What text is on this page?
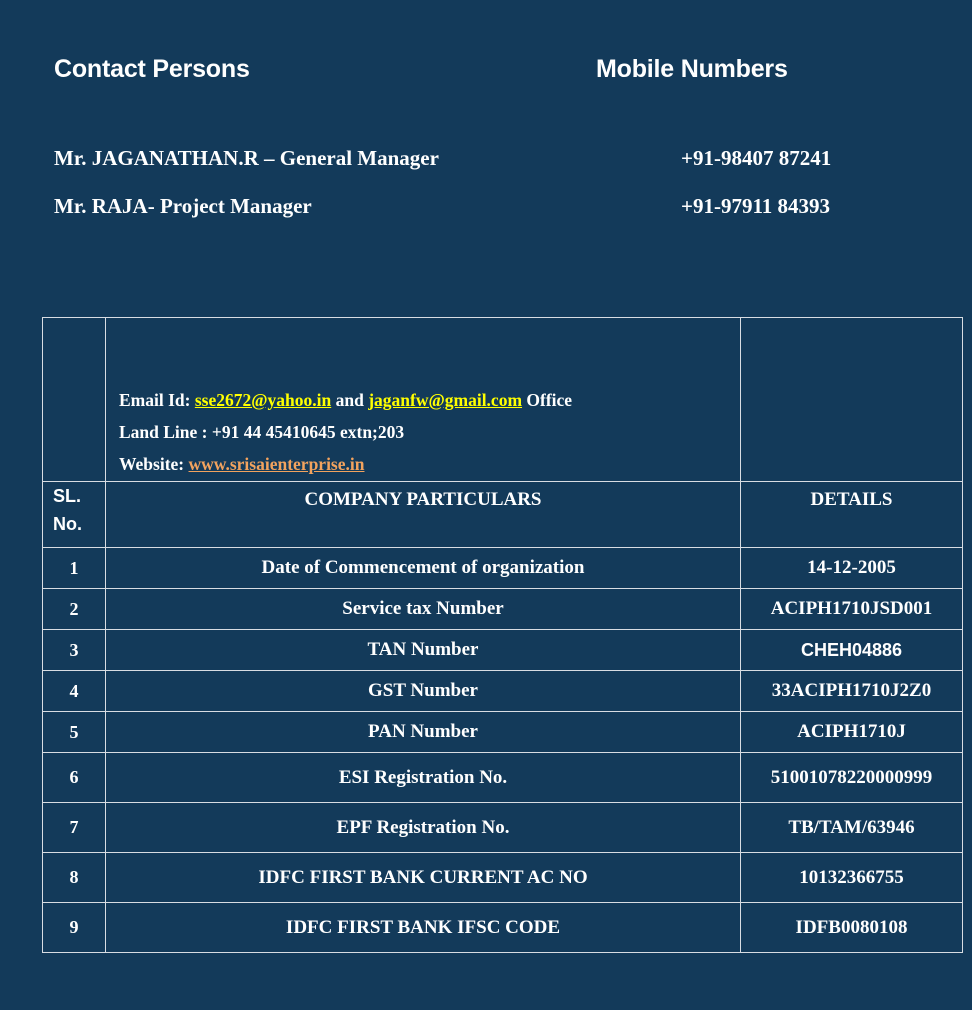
Contact Persons	Mobile Numbers
Mr. JAGANATHAN.R – General Manager	+91-98407 87241
Mr. RAJA- Project Manager	+91-97911 84393

	Email Id: sse2672@yahoo.in and jaganfw@gmail.com Office
Land Line : +91 44 45410645 extn;203
Website: www.srisaienterprise.in	

SL.
No.	COMPANY PARTICULARS	DETAILS
1	Date of Commencement of organization	14-12-2005
2	Service tax Number	ACIPH1710JSD001
3	TAN Number	CHEH04886
4	GST Number	33ACIPH1710J2Z0
5	PAN Number	ACIPH1710J
6	ESI Registration No.	51001078220000999
7	EPF Registration No.	TB/TAM/63946
8	IDFC FIRST BANK CURRENT AC NO	10132366755
9	IDFC FIRST BANK IFSC CODE	IDFB0080108
